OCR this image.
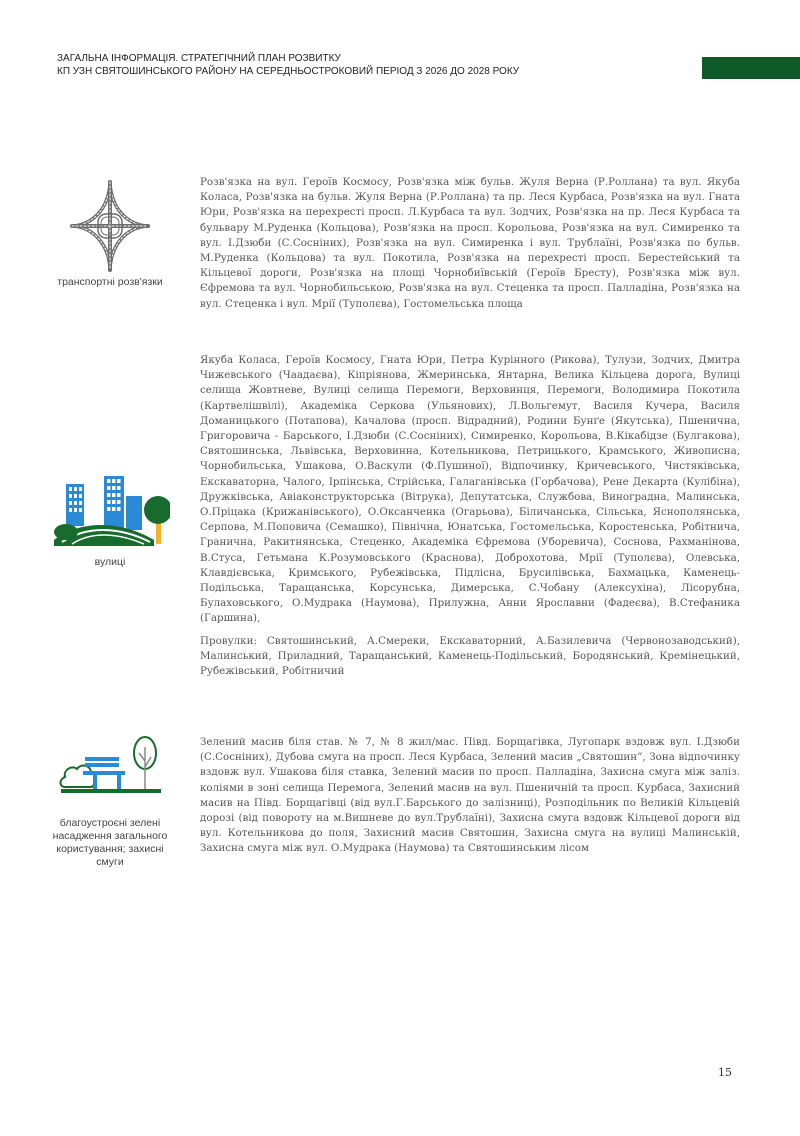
ЗАГАЛЬНА ІНФОРМАЦІЯ. СТРАТЕГІЧНИЙ ПЛАН РОЗВИТКУ
КП УЗН СВЯТОШИНСЬКОГО РАЙОНУ НА СЕРЕДНЬОСТРОКОВИЙ ПЕРІОД З 2026 ДО 2028 РОКУ
транспортні розв'язки

Розв'язка на вул. Героїв Космосу, Розв'язка між бульв. Жуля Верна (Р.Роллана) та вул. Якуба Коласа, Розв'язка на бульв. Жуля Верна (Р.Роллана) та пр. Леся Курбаса, Розв'язка на вул. Гната Юри, Розв'язка на перехресті просп. Л.Курбаса та вул. Зодчих, Розв'язка на пр. Леся Курбаса та бульвару М.Руденка (Кольцова), Розв'язка на просп. Корольова, Розв'язка на вул. Симиренко та вул. І.Дзюби (С.Сосніних), Розв'язка на вул. Симиренка і вул. Трублаїні, Розв'язка по бульв. М.Руденка (Кольцова) та вул. Покотила, Розв'язка на перехресті просп. Берестейський та Кільцевої дороги, Розв'язка на площі Чорнобиївській (Героїв Бресту), Розв'язка між вул. Єфремова та вул. Чорнобильською, Розв'язка на вул. Стеценка та просп. Палладіна, Розв'язка на вул. Стеценка і вул. Мрії (Туполєва), Гостомельська площа

вулиці

Якуба Коласа, Героїв Космосу, Гната Юри, Петра Курінного (Рикова), Тулузи, Зодчих, Дмитра Чижевського (Чаадаєва), Кіпріянова, Жмеринська, Янтарна, Велика Кільцева дорога, Вулиці селища Жовтневе, Вулиці селища Перемоги, Верховинця, Перемоги, Володимира Покотила (Картвелішвілі), Академіка Серкова (Ульянових), Л.Вольгемут, Василя Кучера, Василя Доманицького (Потапова), Качалова (просп. Відрадний), Родини Бунґе (Якутська), Пшенична, Григоровича - Барського, І.Дзюби (С.Сосніних), Симиренко, Корольова, В.Кікабідзе (Булгакова), Святошинська, Львівська, Верховинна, Котельникова, Петрицького, Крамського, Живописна, Чорнобильська, Ушакова, О.Васкули (Ф.Пушиної), Відпочинку, Кричевського, Чистяківська, Екскаваторна, Чалого, Ірпінська, Стрійська, Галаганівська (Горбачова), Рене Декарта (Кулібіна), Дружківська, Авіаконструкторська (Вітрука), Депутатська, Службова, Виноградна, Малинська, О.Пріцака (Крижанівського), О.Оксанченка (Огарьова), Біличанська, Сільська, Яснополянська, Серпова, М.Поповича (Семашко), Північна, Юнатська, Гостомельська, Коростенська, Робітнича, Гранична, Ракитнянська, Стеценко, Академіка Єфремова (Уборевича), Соснова, Рахманінова, В.Стуса, Гетьмана К.Розумовського (Краснова), Доброхотова, Мрії (Туполєва), Олевська, Клавдієвська, Кримського, Рубежівська, Підлісна, Брусилівська, Бахмацька, Каменець-Подільська, Таращанська, Корсунська, Димерська, С.Чобану (Алексухіна), Лісорубна, Булаховського, О.Мудрака (Наумова), Прилужна, Анни Ярославни (Фадеєва), В.Стефаника (Гаршина),

Провулки: Святошинський, А.Смереки, Екскаваторний, А.Базилевича (Червонозаводський), Малинський, Приладний, Таращанський, Каменець-Подільський, Бородянський, Кремінецький, Рубежівський, Робітничий

благоустроєні зелені насадження загального користування; захисні смуги

Зелений масив біля став. № 7, № 8 жил/мас. Півд. Борщагівка, Лугопарк вздовж вул. І.Дзюби (С.Сосніних), Дубова смуга на просп. Леся Курбаса, Зелений масив „Святошин”, Зона відпочинку вздовж вул. Ушакова біля ставка, Зелений масив по просп. Палладіна, Захисна смуга між заліз. коліями в зоні селища Перемога, Зелений масив на вул. Пшеничній та просп. Курбаса, Захисний масив на Півд. Борщагівці (від вул.Г.Барського до залізниці), Розподільник по Великій Кільцевій дорозі (від повороту на м.Вишневе до вул.Трублаїні), Захисна смуга вздовж Кільцевої дороги від вул. Котельникова до поля, Захисний масив Святошин, Захисна смуга на вулиці Малинській, Захисна смуга між вул. О.Мудрака (Наумова) та Святошинським лісом

15
